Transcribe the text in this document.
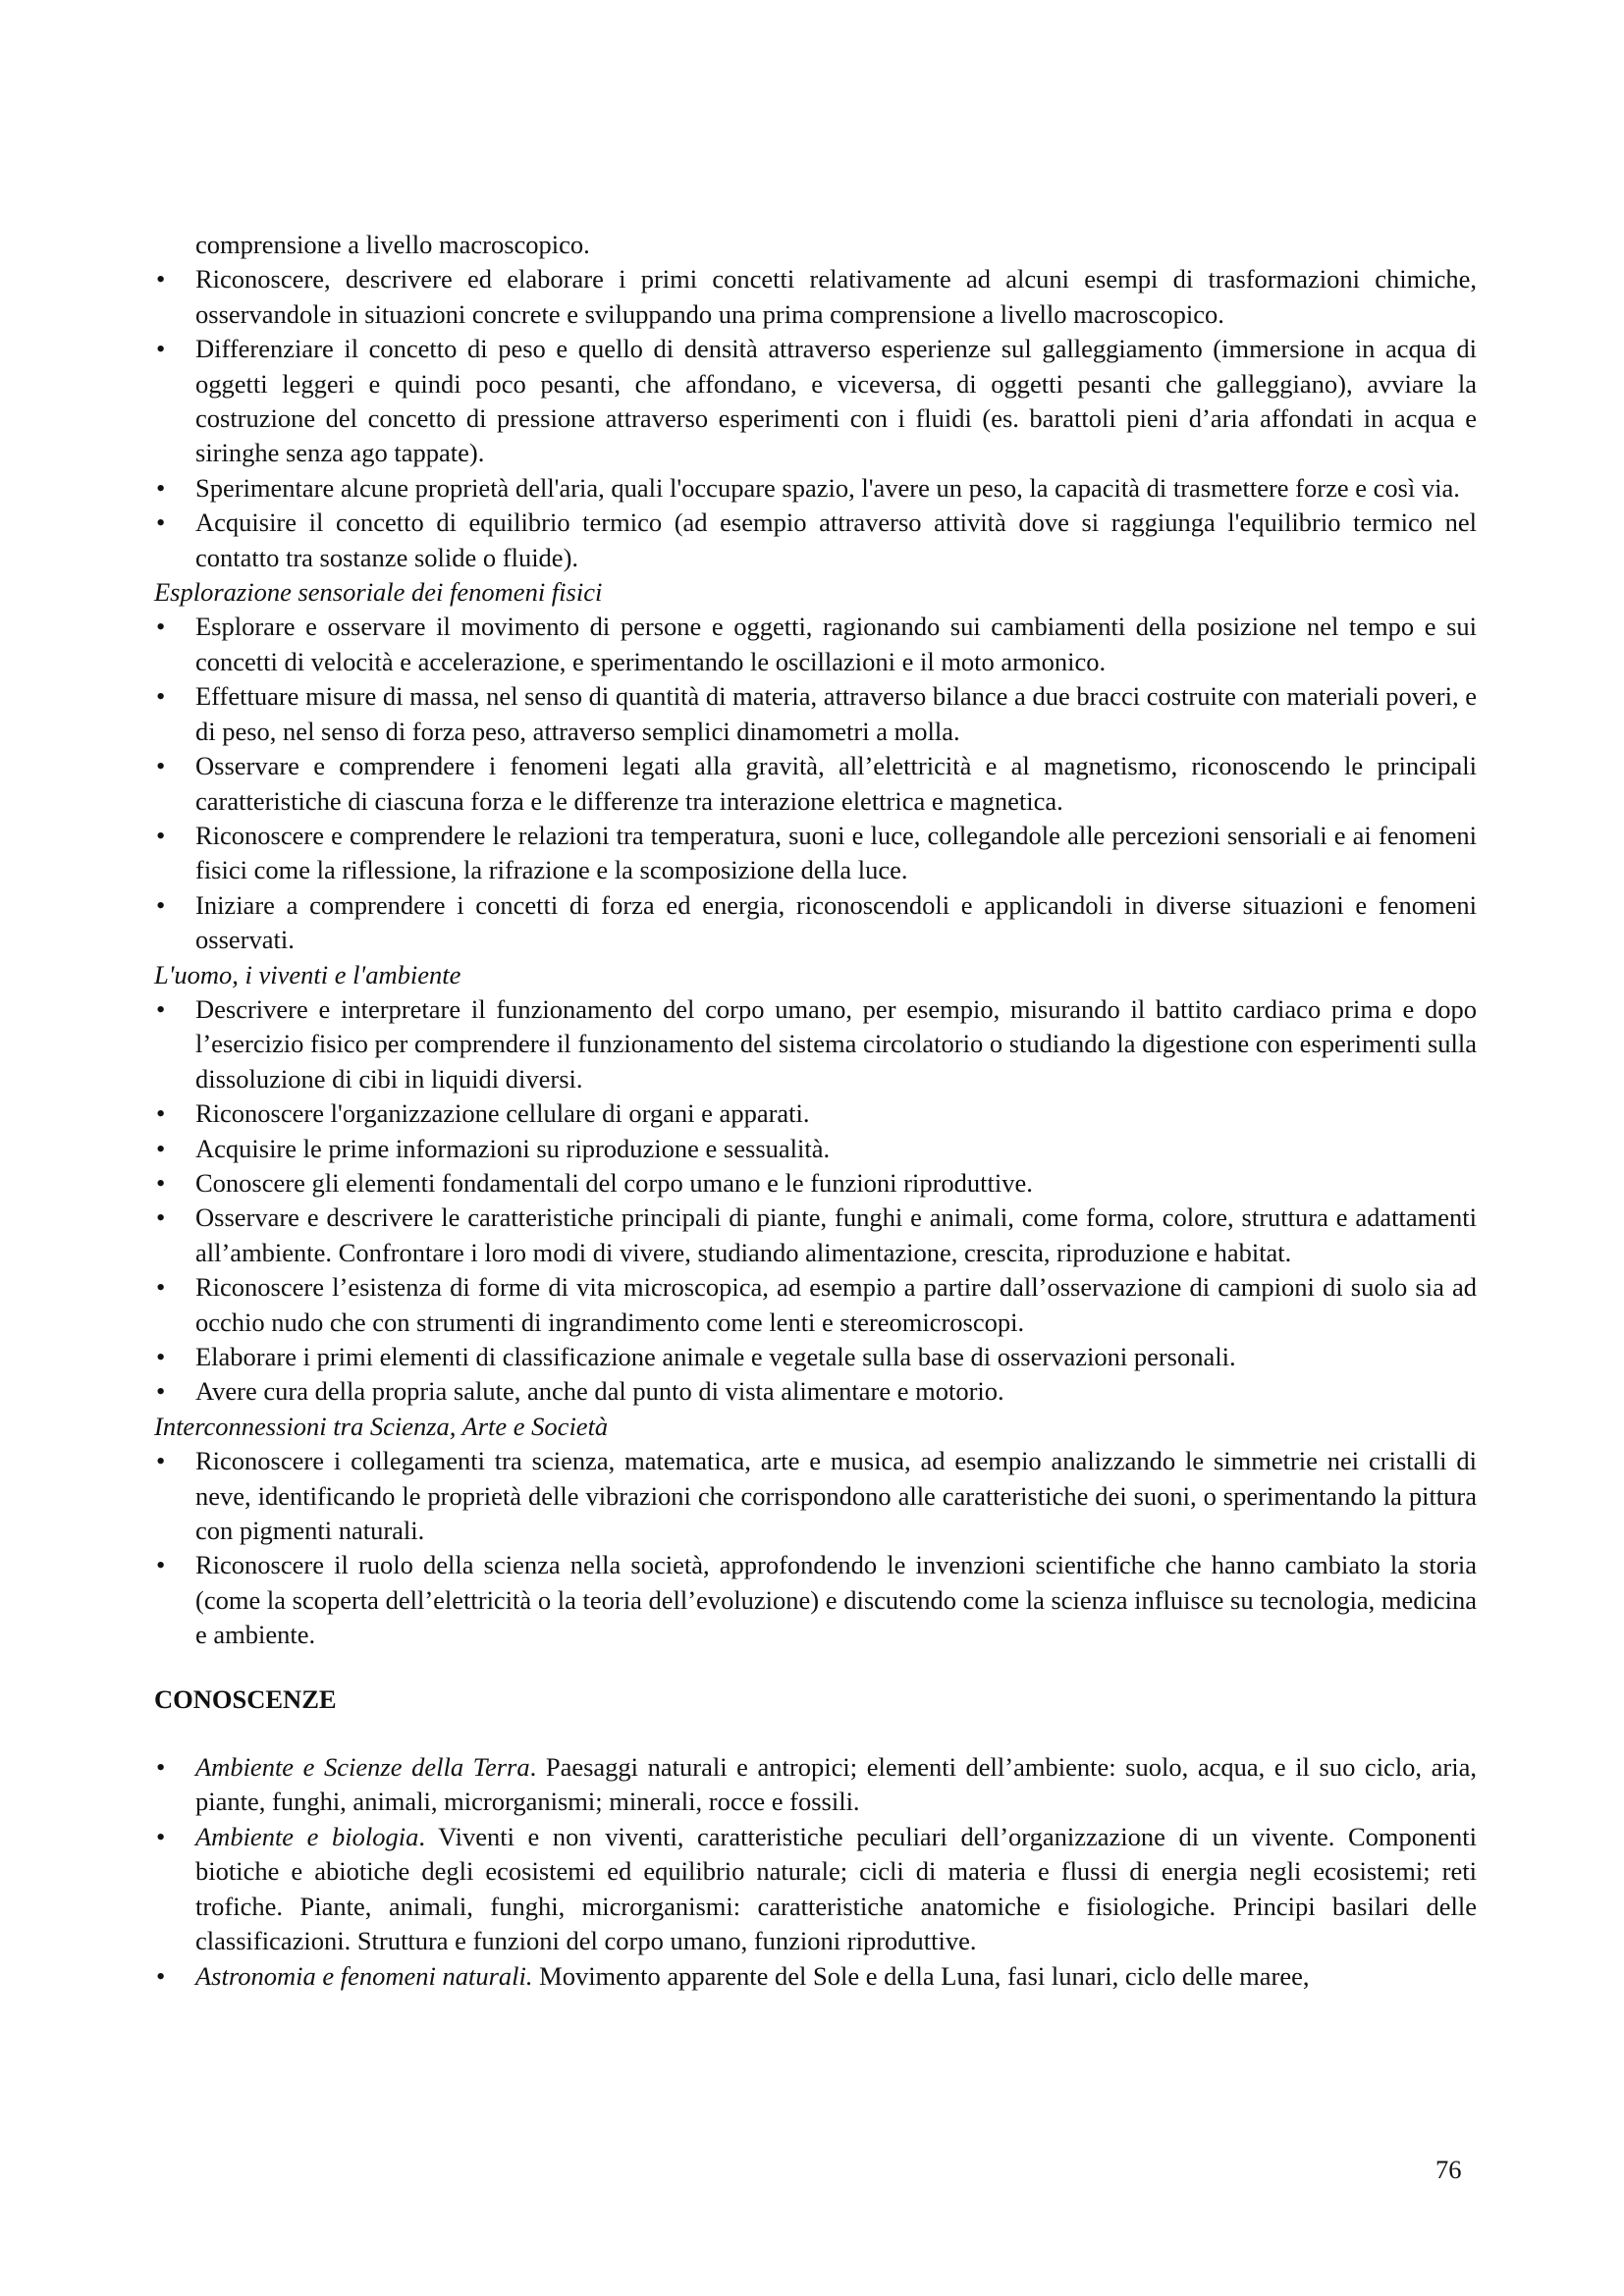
comprensione a livello macroscopico.
• Riconoscere, descrivere ed elaborare i primi concetti relativamente ad alcuni esempi di trasformazioni chimiche, osservandole in situazioni concrete e sviluppando una prima comprensione a livello macroscopico.
• Differenziare il concetto di peso e quello di densità attraverso esperienze sul galleggiamento (immersione in acqua di oggetti leggeri e quindi poco pesanti, che affondano, e viceversa, di oggetti pesanti che galleggiano), avviare la costruzione del concetto di pressione attraverso esperimenti con i fluidi (es. barattoli pieni d’aria affondati in acqua e siringhe senza ago tappate).
• Sperimentare alcune proprietà dell'aria, quali l'occupare spazio, l'avere un peso, la capacità di trasmettere forze e così via.
• Acquisire il concetto di equilibrio termico (ad esempio attraverso attività dove si raggiunga l'equilibrio termico nel contatto tra sostanze solide o fluide).
Esplorazione sensoriale dei fenomeni fisici
• Esplorare e osservare il movimento di persone e oggetti, ragionando sui cambiamenti della posizione nel tempo e sui concetti di velocità e accelerazione, e sperimentando le oscillazioni e il moto armonico.
• Effettuare misure di massa, nel senso di quantità di materia, attraverso bilance a due bracci costruite con materiali poveri, e di peso, nel senso di forza peso, attraverso semplici dinamometri a molla.
• Osservare e comprendere i fenomeni legati alla gravità, all’elettricità e al magnetismo, riconoscendo le principali caratteristiche di ciascuna forza e le differenze tra interazione elettrica e magnetica.
• Riconoscere e comprendere le relazioni tra temperatura, suoni e luce, collegandole alle percezioni sensoriali e ai fenomeni fisici come la riflessione, la rifrazione e la scomposizione della luce.
• Iniziare a comprendere i concetti di forza ed energia, riconoscendoli e applicandoli in diverse situazioni e fenomeni osservati.
L'uomo, i viventi e l'ambiente
• Descrivere e interpretare il funzionamento del corpo umano, per esempio, misurando il battito cardiaco prima e dopo l’esercizio fisico per comprendere il funzionamento del sistema circolatorio o studiando la digestione con esperimenti sulla dissoluzione di cibi in liquidi diversi.
• Riconoscere l'organizzazione cellulare di organi e apparati.
• Acquisire le prime informazioni su riproduzione e sessualità.
• Conoscere gli elementi fondamentali del corpo umano e le funzioni riproduttive.
• Osservare e descrivere le caratteristiche principali di piante, funghi e animali, come forma, colore, struttura e adattamenti all’ambiente. Confrontare i loro modi di vivere, studiando alimentazione, crescita, riproduzione e habitat.
• Riconoscere l’esistenza di forme di vita microscopica, ad esempio a partire dall’osservazione di campioni di suolo sia ad occhio nudo che con strumenti di ingrandimento come lenti e stereomicroscopi.
• Elaborare i primi elementi di classificazione animale e vegetale sulla base di osservazioni personali.
• Avere cura della propria salute, anche dal punto di vista alimentare e motorio.
Interconnessioni tra Scienza, Arte e Società
• Riconoscere i collegamenti tra scienza, matematica, arte e musica, ad esempio analizzando le simmetrie nei cristalli di neve, identificando le proprietà delle vibrazioni che corrispondono alle caratteristiche dei suoni, o sperimentando la pittura con pigmenti naturali.
• Riconoscere il ruolo della scienza nella società, approfondendo le invenzioni scientifiche che hanno cambiato la storia (come la scoperta dell’elettricità o la teoria dell’evoluzione) e discutendo come la scienza influisce su tecnologia, medicina e ambiente.
CONOSCENZE
• Ambiente e Scienze della Terra. Paesaggi naturali e antropici; elementi dell’ambiente: suolo, acqua, e il suo ciclo, aria, piante, funghi, animali, microrganismi; minerali, rocce e fossili.
• Ambiente e biologia. Viventi e non viventi, caratteristiche peculiari dell’organizzazione di un vivente. Componenti biotiche e abiotiche degli ecosistemi ed equilibrio naturale; cicli di materia e flussi di energia negli ecosistemi; reti trofiche. Piante, animali, funghi, microrganismi: caratteristiche anatomiche e fisiologiche. Principi basilari delle classificazioni. Struttura e funzioni del corpo umano, funzioni riproduttive.
• Astronomia e fenomeni naturali. Movimento apparente del Sole e della Luna, fasi lunari, ciclo delle maree,
76
